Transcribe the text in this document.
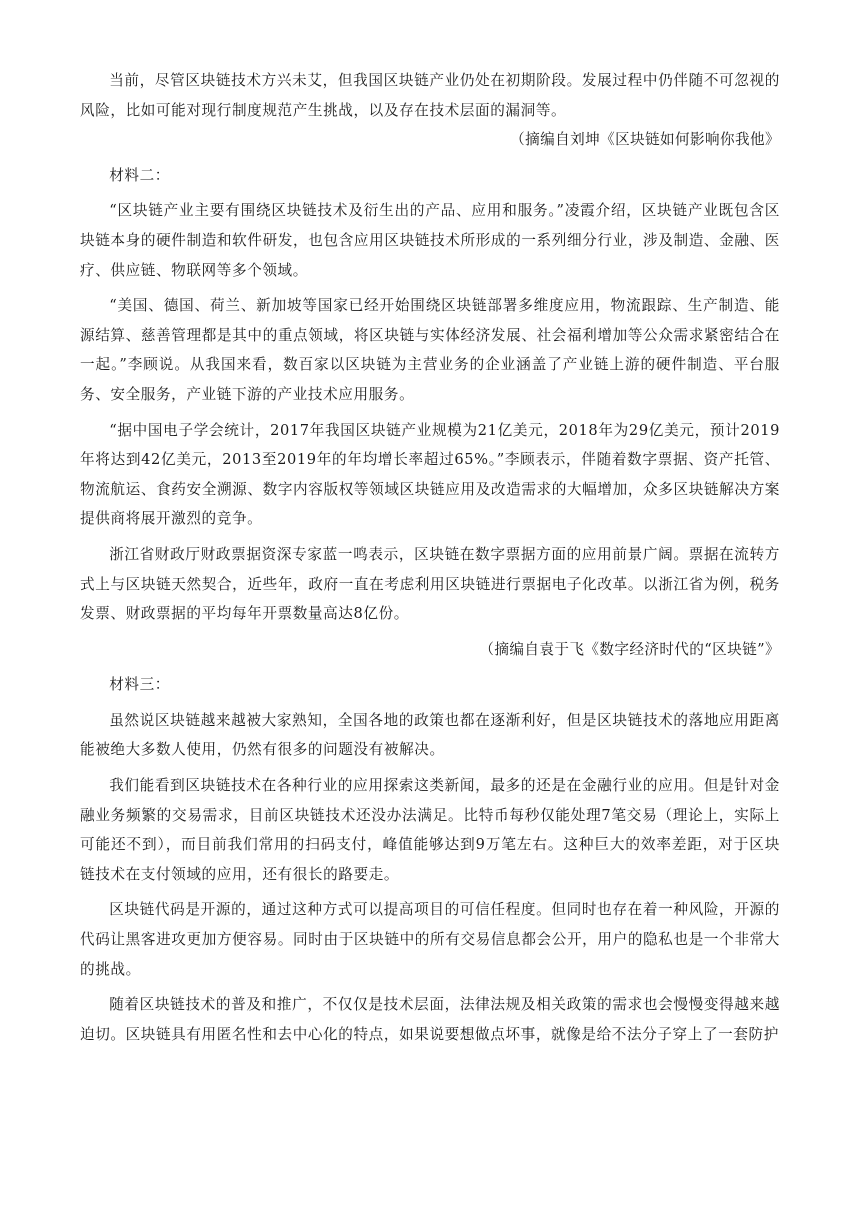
当前，尽管区块链技术方兴未艾，但我国区块链产业仍处在初期阶段。发展过程中仍伴随不可忽视的风险，比如可能对现行制度规范产生挑战，以及存在技术层面的漏洞等。

（摘编自刘坤《区块链如何影响你我他》

材料二：

“区块链产业主要有围绕区块链技术及衍生出的产品、应用和服务。”凌霞介绍，区块链产业既包含区块链本身的硬件制造和软件研发，也包含应用区块链技术所形成的一系列细分行业，涉及制造、金融、医疗、供应链、物联网等多个领域。

“美国、德国、荷兰、新加坡等国家已经开始围绕区块链部署多维度应用，物流跟踪、生产制造、能源结算、慈善管理都是其中的重点领域，将区块链与实体经济发展、社会福利增加等公众需求紧密结合在一起。”李顾说。从我国来看，数百家以区块链为主营业务的企业涵盖了产业链上游的硬件制造、平台服务、安全服务，产业链下游的产业技术应用服务。

“据中国电子学会统计，2017年我国区块链产业规模为21亿美元，2018年为29亿美元，预计2019年将达到42亿美元，2013至2019年的年均增长率超过65%。”李顾表示，伴随着数字票据、资产托管、物流航运、食药安全溯源、数字内容版权等领域区块链应用及改造需求的大幅增加，众多区块链解决方案提供商将展开激烈的竞争。

浙江省财政厅财政票据资深专家蓝一鸣表示，区块链在数字票据方面的应用前景广阔。票据在流转方式上与区块链天然契合，近些年，政府一直在考虑利用区块链进行票据电子化改革。以浙江省为例，税务发票、财政票据的平均每年开票数量高达8亿份。

（摘编自袁于飞《数字经济时代的“区块链”》

材料三：

虽然说区块链越来越被大家熟知，全国各地的政策也都在逐渐利好，但是区块链技术的落地应用距离能被绝大多数人使用，仍然有很多的问题没有被解决。

我们能看到区块链技术在各种行业的应用探索这类新闻，最多的还是在金融行业的应用。但是针对金融业务频繁的交易需求，目前区块链技术还没办法满足。比特币每秒仅能处理7笔交易（理论上，实际上可能还不到），而目前我们常用的扫码支付，峰值能够达到9万笔左右。这种巨大的效率差距，对于区块链技术在支付领域的应用，还有很长的路要走。

区块链代码是开源的，通过这种方式可以提高项目的可信任程度。但同时也存在着一种风险，开源的代码让黑客进攻更加方便容易。同时由于区块链中的所有交易信息都会公开，用户的隐私也是一个非常大的挑战。

随着区块链技术的普及和推广，不仅仅是技术层面，法律法规及相关政策的需求也会慢慢变得越来越迫切。区块链具有用匿名性和去中心化的特点，如果说要想做点坏事，就像是给不法分子穿上了一套防护
